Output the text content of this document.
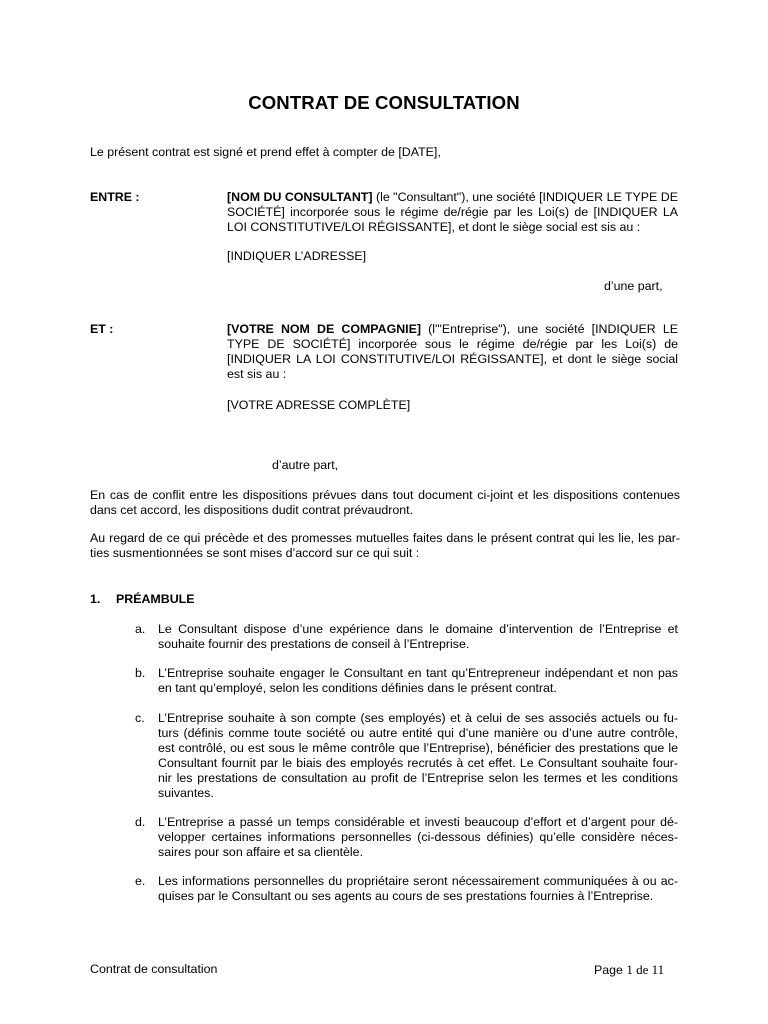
CONTRAT DE CONSULTATION
Le présent contrat est signé et prend effet à compter de [DATE],
ENTRE :	[NOM DU CONSULTANT] (le "Consultant"), une société [INDIQUER LE TYPE DE SOCIÉTÉ] incorporée sous le régime de/régie par les Loi(s) de [INDIQUER LA LOI CONSTITUTIVE/LOI RÉGISSANTE], et dont le siège social est sis au :
[INDIQUER L’ADRESSE]
d’une part,
ET :	[VOTRE NOM DE COMPAGNIE] (l'"Entreprise"), une société [INDIQUER LE TYPE DE SOCIÉTÉ] incorporée sous le régime de/régie par les Loi(s) de [INDIQUER LA LOI CONSTITUTIVE/LOI RÉGISSANTE], et dont le siège social est sis au :
[VOTRE ADRESSE COMPLÈTE]
d’autre part,
En cas de conflit entre les dispositions prévues dans tout document ci-joint et les dispositions contenues dans cet accord, les dispositions dudit contrat prévaudront.
Au regard de ce qui précède et des promesses mutuelles faites dans le présent contrat qui les lie, les par-ties susmentionnées se sont mises d’accord sur ce qui suit :
1. PRÉAMBULE
a. Le Consultant dispose d’une expérience dans le domaine d’intervention de l’Entreprise et souhaite fournir des prestations de conseil à l’Entreprise.
b. L’Entreprise souhaite engager le Consultant en tant qu’Entrepreneur indépendant et non pas en tant qu’employé, selon les conditions définies dans le présent contrat.
c. L’Entreprise souhaite à son compte (ses employés) et à celui de ses associés actuels ou fu-turs (définis comme toute société ou autre entité qui d’une manière ou d’une autre contrôle, est contrôlé, ou est sous le même contrôle que l’Entreprise), bénéficier des prestations que le Consultant fournit par le biais des employés recrutés à cet effet. Le Consultant souhaite four-nir les prestations de consultation au profit de l’Entreprise selon les termes et les conditions suivantes.
d. L’Entreprise a passé un temps considérable et investi beaucoup d’effort et d’argent pour dé-velopper certaines informations personnelles (ci-dessous définies) qu’elle considère néces-saires pour son affaire et sa clientèle.
e. Les informations personnelles du propriétaire seront nécessairement communiquées à ou ac-quises par le Consultant ou ses agents au cours de ses prestations fournies à l’Entreprise.
Contrat de consultation	Page 1 de 11
